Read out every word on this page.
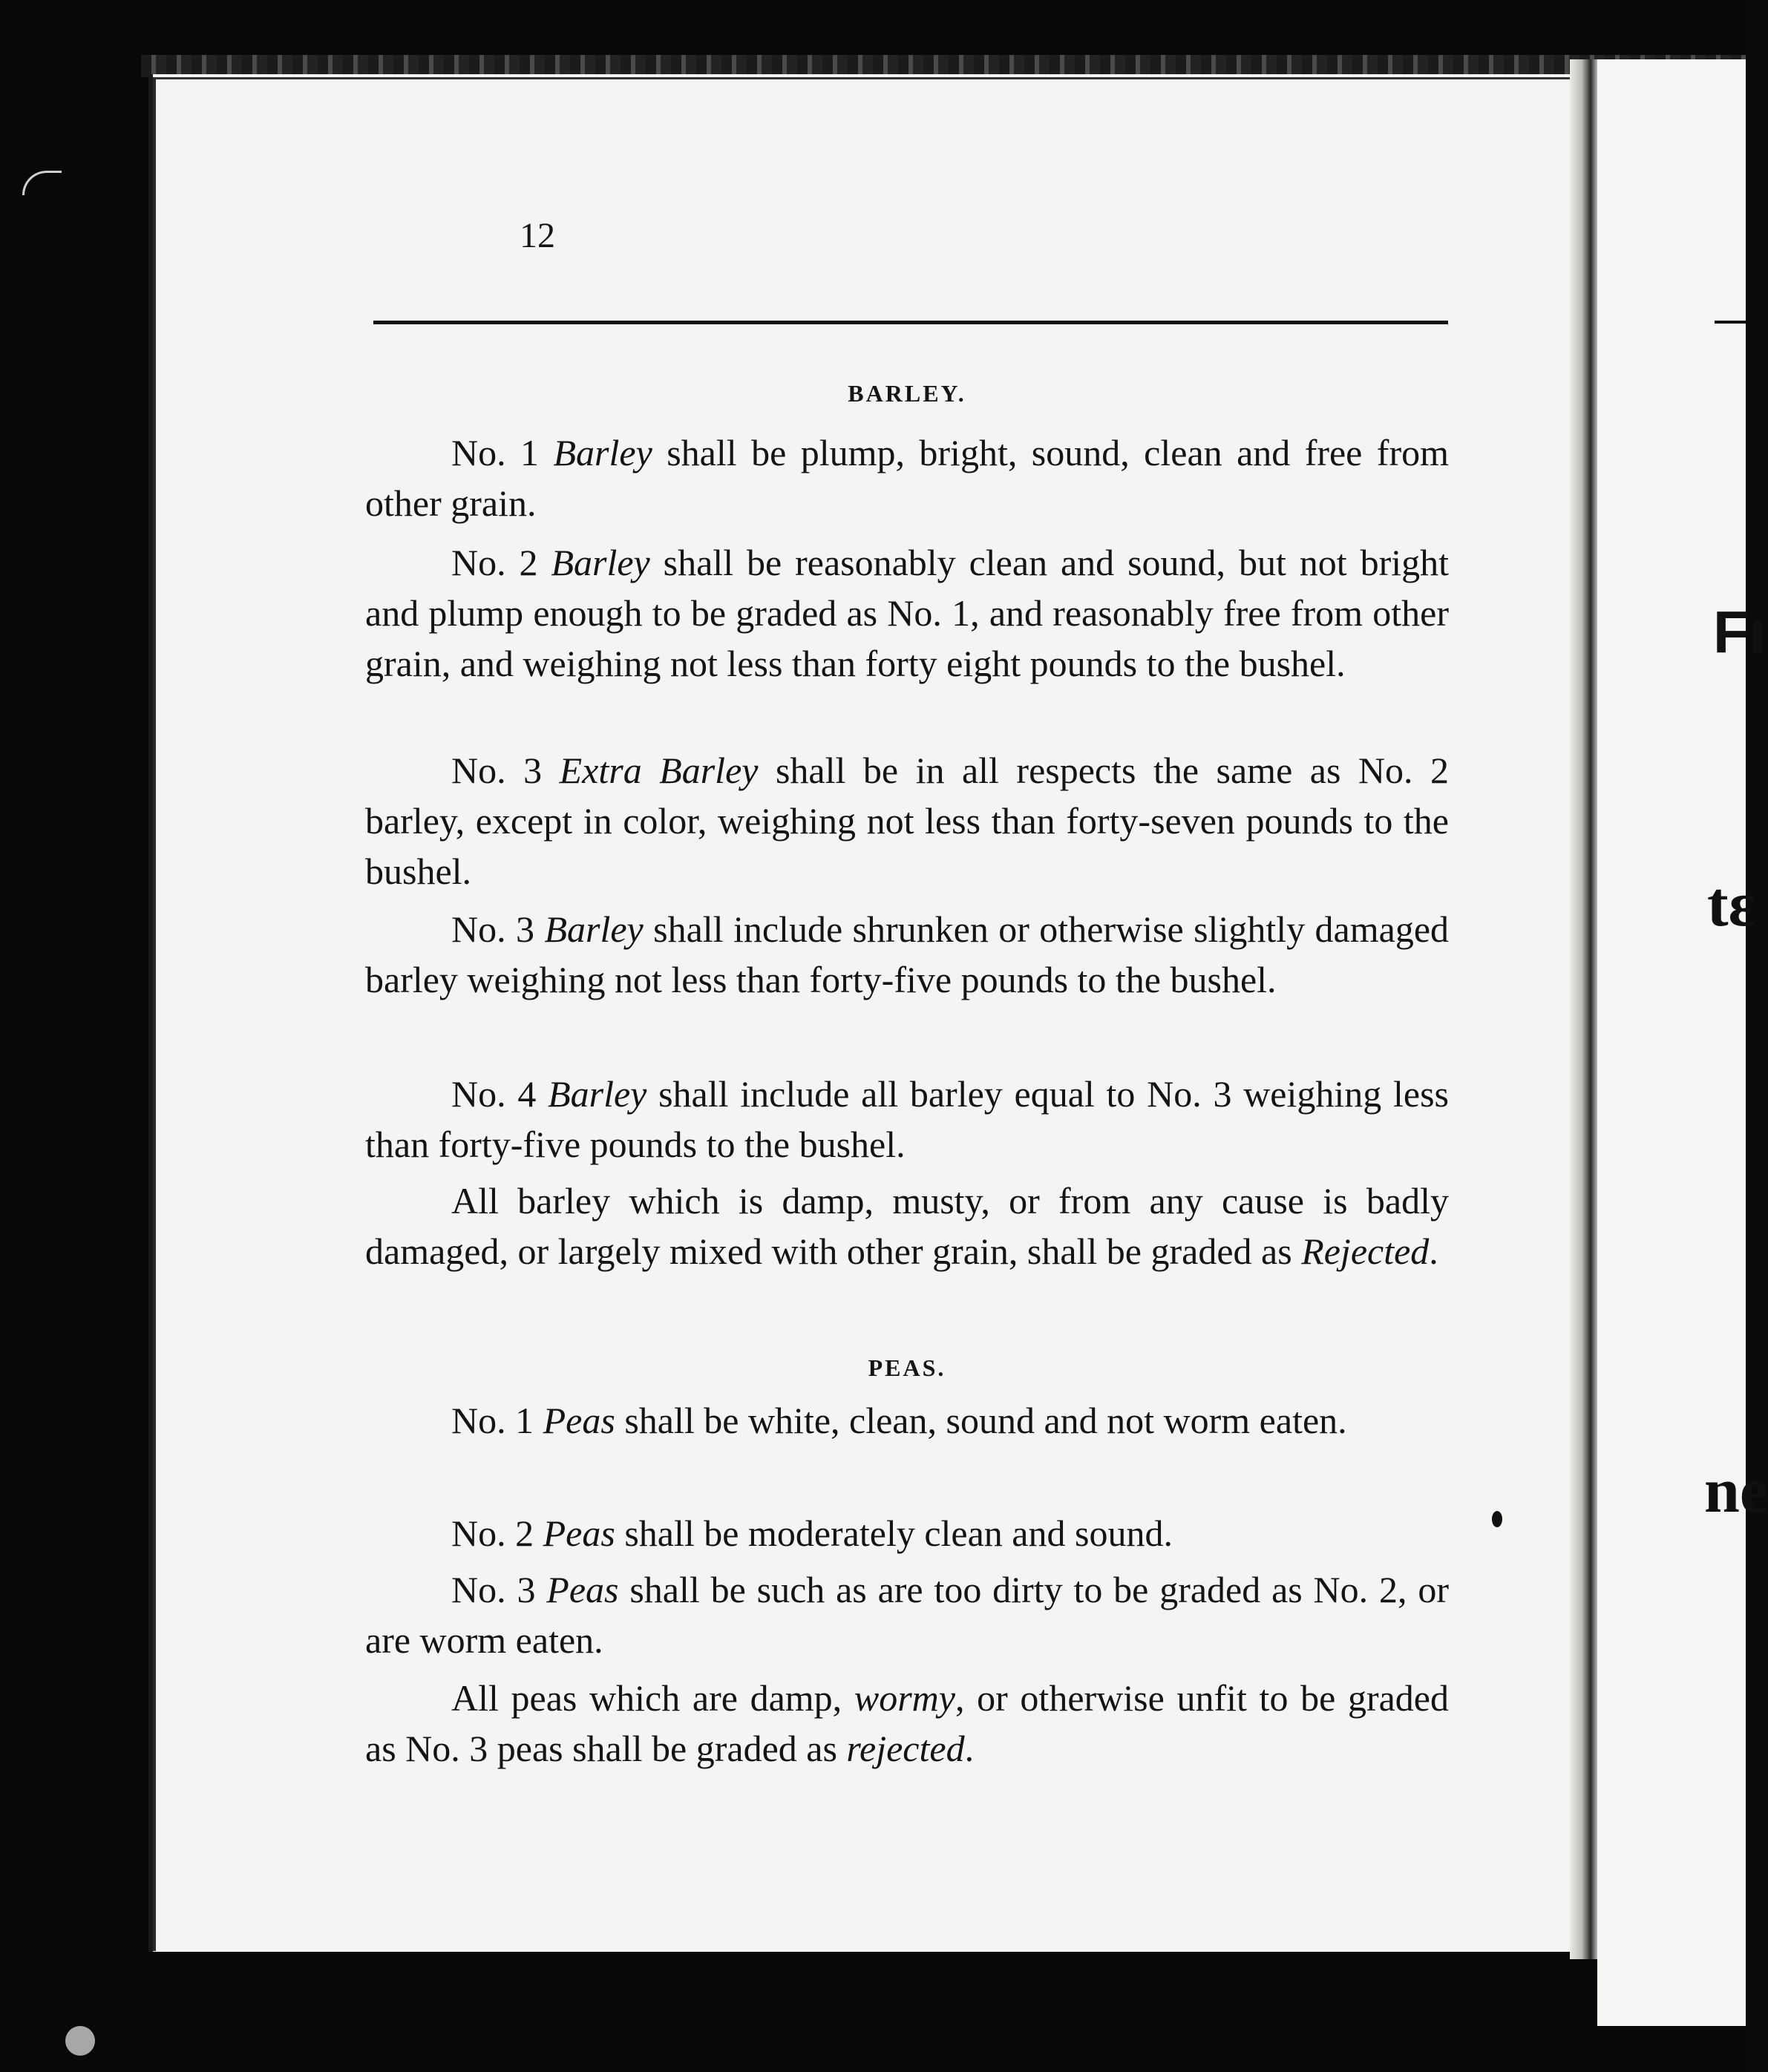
Fı
tε
ne
12
BARLEY.

No. 1 Barley shall be plump, bright, sound, clean and free from other grain.

No. 2 Barley shall be reasonably clean and sound, but not bright and plump enough to be graded as No. 1, and reasonably free from other grain, and weighing not less than forty eight pounds to the bushel.

No. 3 Extra Barley shall be in all respects the same as No. 2 barley, except in color, weighing not less than forty-seven pounds to the bushel.

No. 3 Barley shall include shrunken or otherwise slightly damaged barley weighing not less than forty-five pounds to the bushel.

No. 4 Barley shall include all barley equal to No. 3 weighing less than forty-five pounds to the bushel.

All barley which is damp, musty, or from any cause is badly damaged, or largely mixed with other grain, shall be graded as Rejected.

PEAS.

No. 1 Peas shall be white, clean, sound and not worm eaten.

No. 2 Peas shall be moderately clean and sound.

No. 3 Peas shall be such as are too dirty to be graded as No. 2, or are worm eaten.

All peas which are damp, wormy, or otherwise unfit to be graded as No. 3 peas shall be graded as rejected.
